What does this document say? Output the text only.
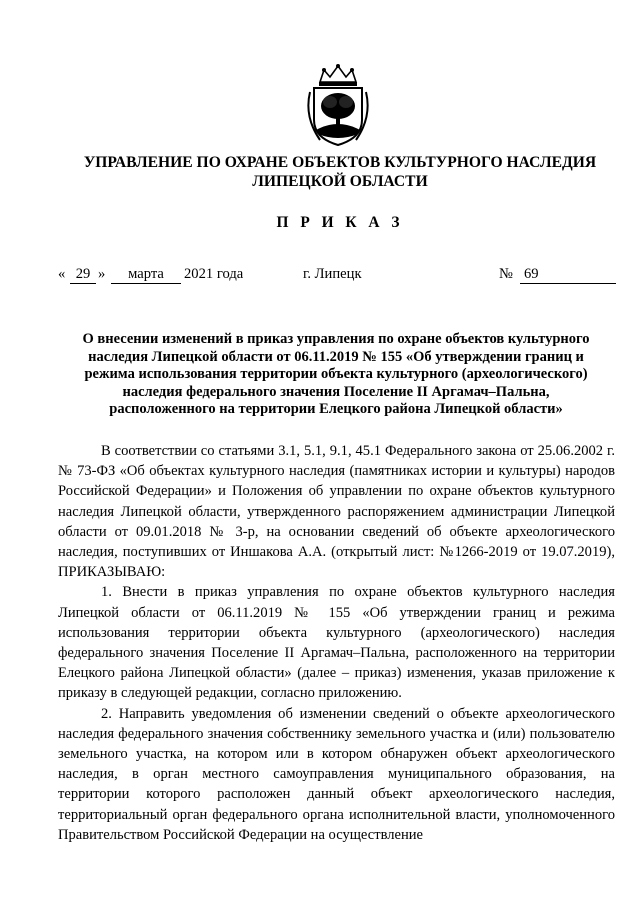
УПРАВЛЕНИЕ ПО ОХРАНЕ ОБЪЕКТОВ КУЛЬТУРНОГО НАСЛЕДИЯ
ЛИПЕЦКОЙ ОБЛАСТИ
П Р И К А З
« 29 »	марта	2021 года	г. Липецк	№ 69
О внесении изменений в приказ управления по охране объектов культурного
наследия Липецкой области от 06.11.2019 № 155 «Об утверждении границ и
режима использования территории объекта культурного (археологического)
наследия федерального значения Поселение II Аргамач–Пальна,
расположенного на территории Елецкого района Липецкой области»

В соответствии со статьями 3.1, 5.1, 9.1, 45.1 Федерального закона от 25.06.2002 г. № 73-ФЗ «Об объектах культурного наследия (памятниках истории и культуры) народов Российской Федерации» и Положения об управлении по охране объектов культурного наследия Липецкой области, утвержденного распоряжением администрации Липецкой области от 09.01.2018 № 3-р, на основании сведений об объекте археологического наследия, поступивших от Иншакова А.А. (открытый лист: №1266-2019 от 19.07.2019), ПРИКАЗЫВАЮ:

1. Внести в приказ управления по охране объектов культурного наследия Липецкой области от 06.11.2019 № 155 «Об утверждении границ и режима использования территории объекта культурного (археологического) наследия федерального значения Поселение II Аргамач–Пальна, расположенного на территории Елецкого района Липецкой области» (далее – приказ) изменения, указав приложение к приказу в следующей редакции, согласно приложению.

2. Направить уведомления об изменении сведений о объекте археологического наследия федерального значения собственнику земельного участка и (или) пользователю земельного участка, на котором или в котором обнаружен объект археологического наследия, в орган местного самоуправления муниципального образования, на территории которого расположен данный объект археологического наследия, территориальный орган федерального органа исполнительной власти, уполномоченного Правительством Российской Федерации на осуществление
